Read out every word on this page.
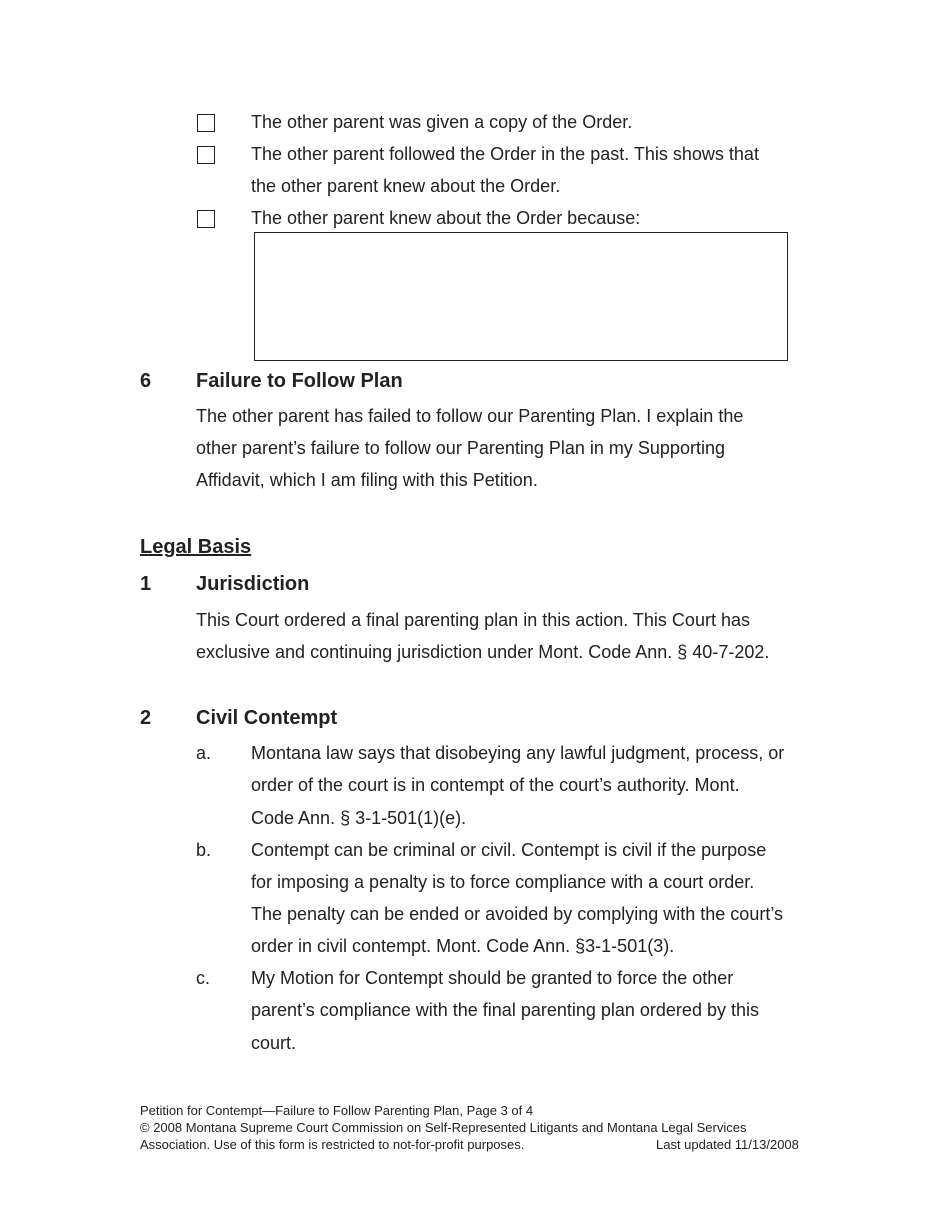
The other parent was given a copy of the Order.
The other parent followed the Order in the past. This shows that
the other parent knew about the Order.
The other parent knew about the Order because:
6 Failure to Follow Plan
The other parent has failed to follow our Parenting Plan. I explain the
other parent’s failure to follow our Parenting Plan in my Supporting
Affidavit, which I am filing with this Petition.
Legal Basis
1 Jurisdiction
This Court ordered a final parenting plan in this action. This Court has
exclusive and continuing jurisdiction under Mont. Code Ann. § 40-7-202.
2 Civil Contempt
a. Montana law says that disobeying any lawful judgment, process, or
order of the court is in contempt of the court’s authority. Mont.
Code Ann. § 3-1-501(1)(e).
b. Contempt can be criminal or civil. Contempt is civil if the purpose
for imposing a penalty is to force compliance with a court order.
The penalty can be ended or avoided by complying with the court’s
order in civil contempt. Mont. Code Ann. §3-1-501(3).
c. My Motion for Contempt should be granted to force the other
parent’s compliance with the final parenting plan ordered by this
court.
Petition for Contempt—Failure to Follow Parenting Plan, Page 3 of 4
© 2008 Montana Supreme Court Commission on Self-Represented Litigants and Montana Legal Services
Association. Use of this form is restricted to not-for-profit purposes.	Last updated 11/13/2008
